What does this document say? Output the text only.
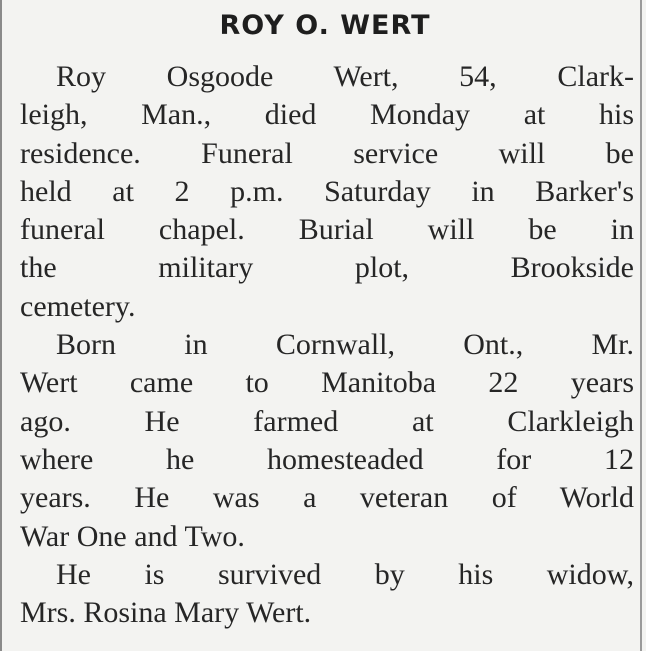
ROY O. WERT
Roy Osgoode Wert, 54, Clark-
leigh, Man., died Monday at his
residence. Funeral service will be
held at 2 p.m. Saturday in Barker's
funeral chapel. Burial will be in
the military plot, Brookside
cemetery.
Born in Cornwall, Ont., Mr.
Wert came to Manitoba 22 years
ago. He farmed at Clarkleigh
where he homesteaded for 12
years. He was a veteran of World
War One and Two.
He is survived by his widow,
Mrs. Rosina Mary Wert.
